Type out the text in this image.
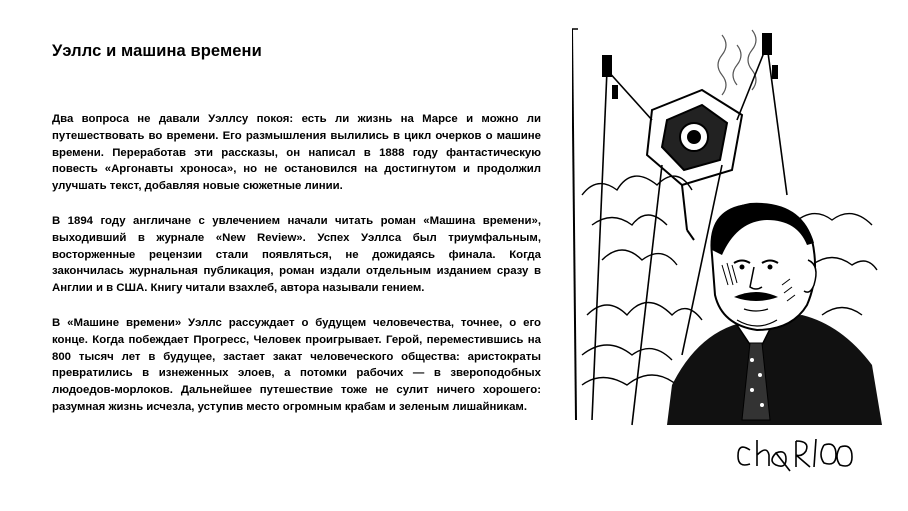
Уэллс и машина времени

Два вопроса не давали Уэллсу покоя: есть ли жизнь на Марсе и можно ли путешествовать во времени. Его размышления вылились в цикл очерков о машине времени. Переработав эти рассказы, он написал в 1888 году фантастическую повесть «Аргонавты хроноса», но не остановился на достигнутом и продолжил улучшать текст, добавляя новые сюжетные линии.

В 1894 году англичане с увлечением начали читать роман «Машина времени», выходивший в журнале «New Review». Успех Уэллса был триумфальным, восторженные рецензии стали появляться, не дожидаясь финала. Когда закончилась журнальная публикация, роман издали отдельным изданием сразу в Англии и в США. Книгу читали взахлеб, автора называли гением.

В «Машине времени» Уэллс рассуждает о будущем человечества, точнее, о его конце. Когда побеждает Прогресс, Человек проигрывает. Герой, переместившись на 800 тысяч лет в будущее, застает закат человеческого общества: аристократы превратились в изнеженных элоев, а потомки рабочих — в звероподобных людоедов-морлоков. Дальнейшее путешествие тоже не сулит ничего хорошего: разумная жизнь исчезла, уступив место огромным крабам и зеленым лишайникам.
